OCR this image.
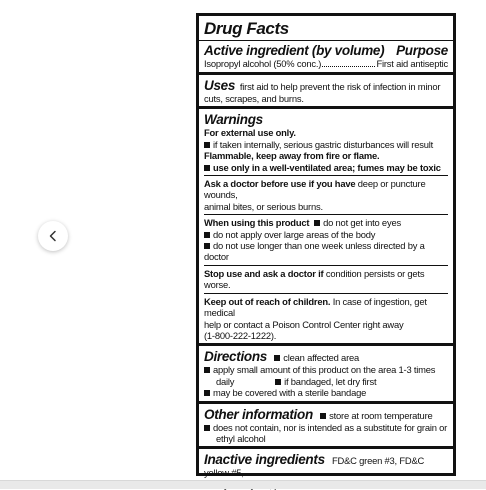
Drug Facts
Active ingredient (by volume) Purpose
Isopropyl alcohol (50% conc.)	First aid antiseptic
Uses first aid to help prevent the risk of infection in minor
cuts, scrapes, and burns.
Warnings
For external use only.
if taken internally, serious gastric disturbances will result
Flammable, keep away from fire or flame.
use only in a well-ventilated area; fumes may be toxic
Ask a doctor before use if you have deep or puncture wounds,
animal bites, or serious burns.
When using this product do not get into eyes
do not apply over large areas of the body
do not use longer than one week unless directed by a doctor
Stop use and ask a doctor if condition persists or gets worse.
Keep out of reach of children. In case of ingestion, get medical
help or contact a Poison Control Center right away
(1-800-222-1222).
Directions clean affected area
apply small amount of this product on the area 1-3 times
daily	if bandaged, let dry first
may be covered with a sterile bandage
Other information store at room temperature
does not contain, nor is intended as a substitute for grain or
ethyl alcohol
Inactive ingredients FD&C green #3, FD&C yellow #5,
